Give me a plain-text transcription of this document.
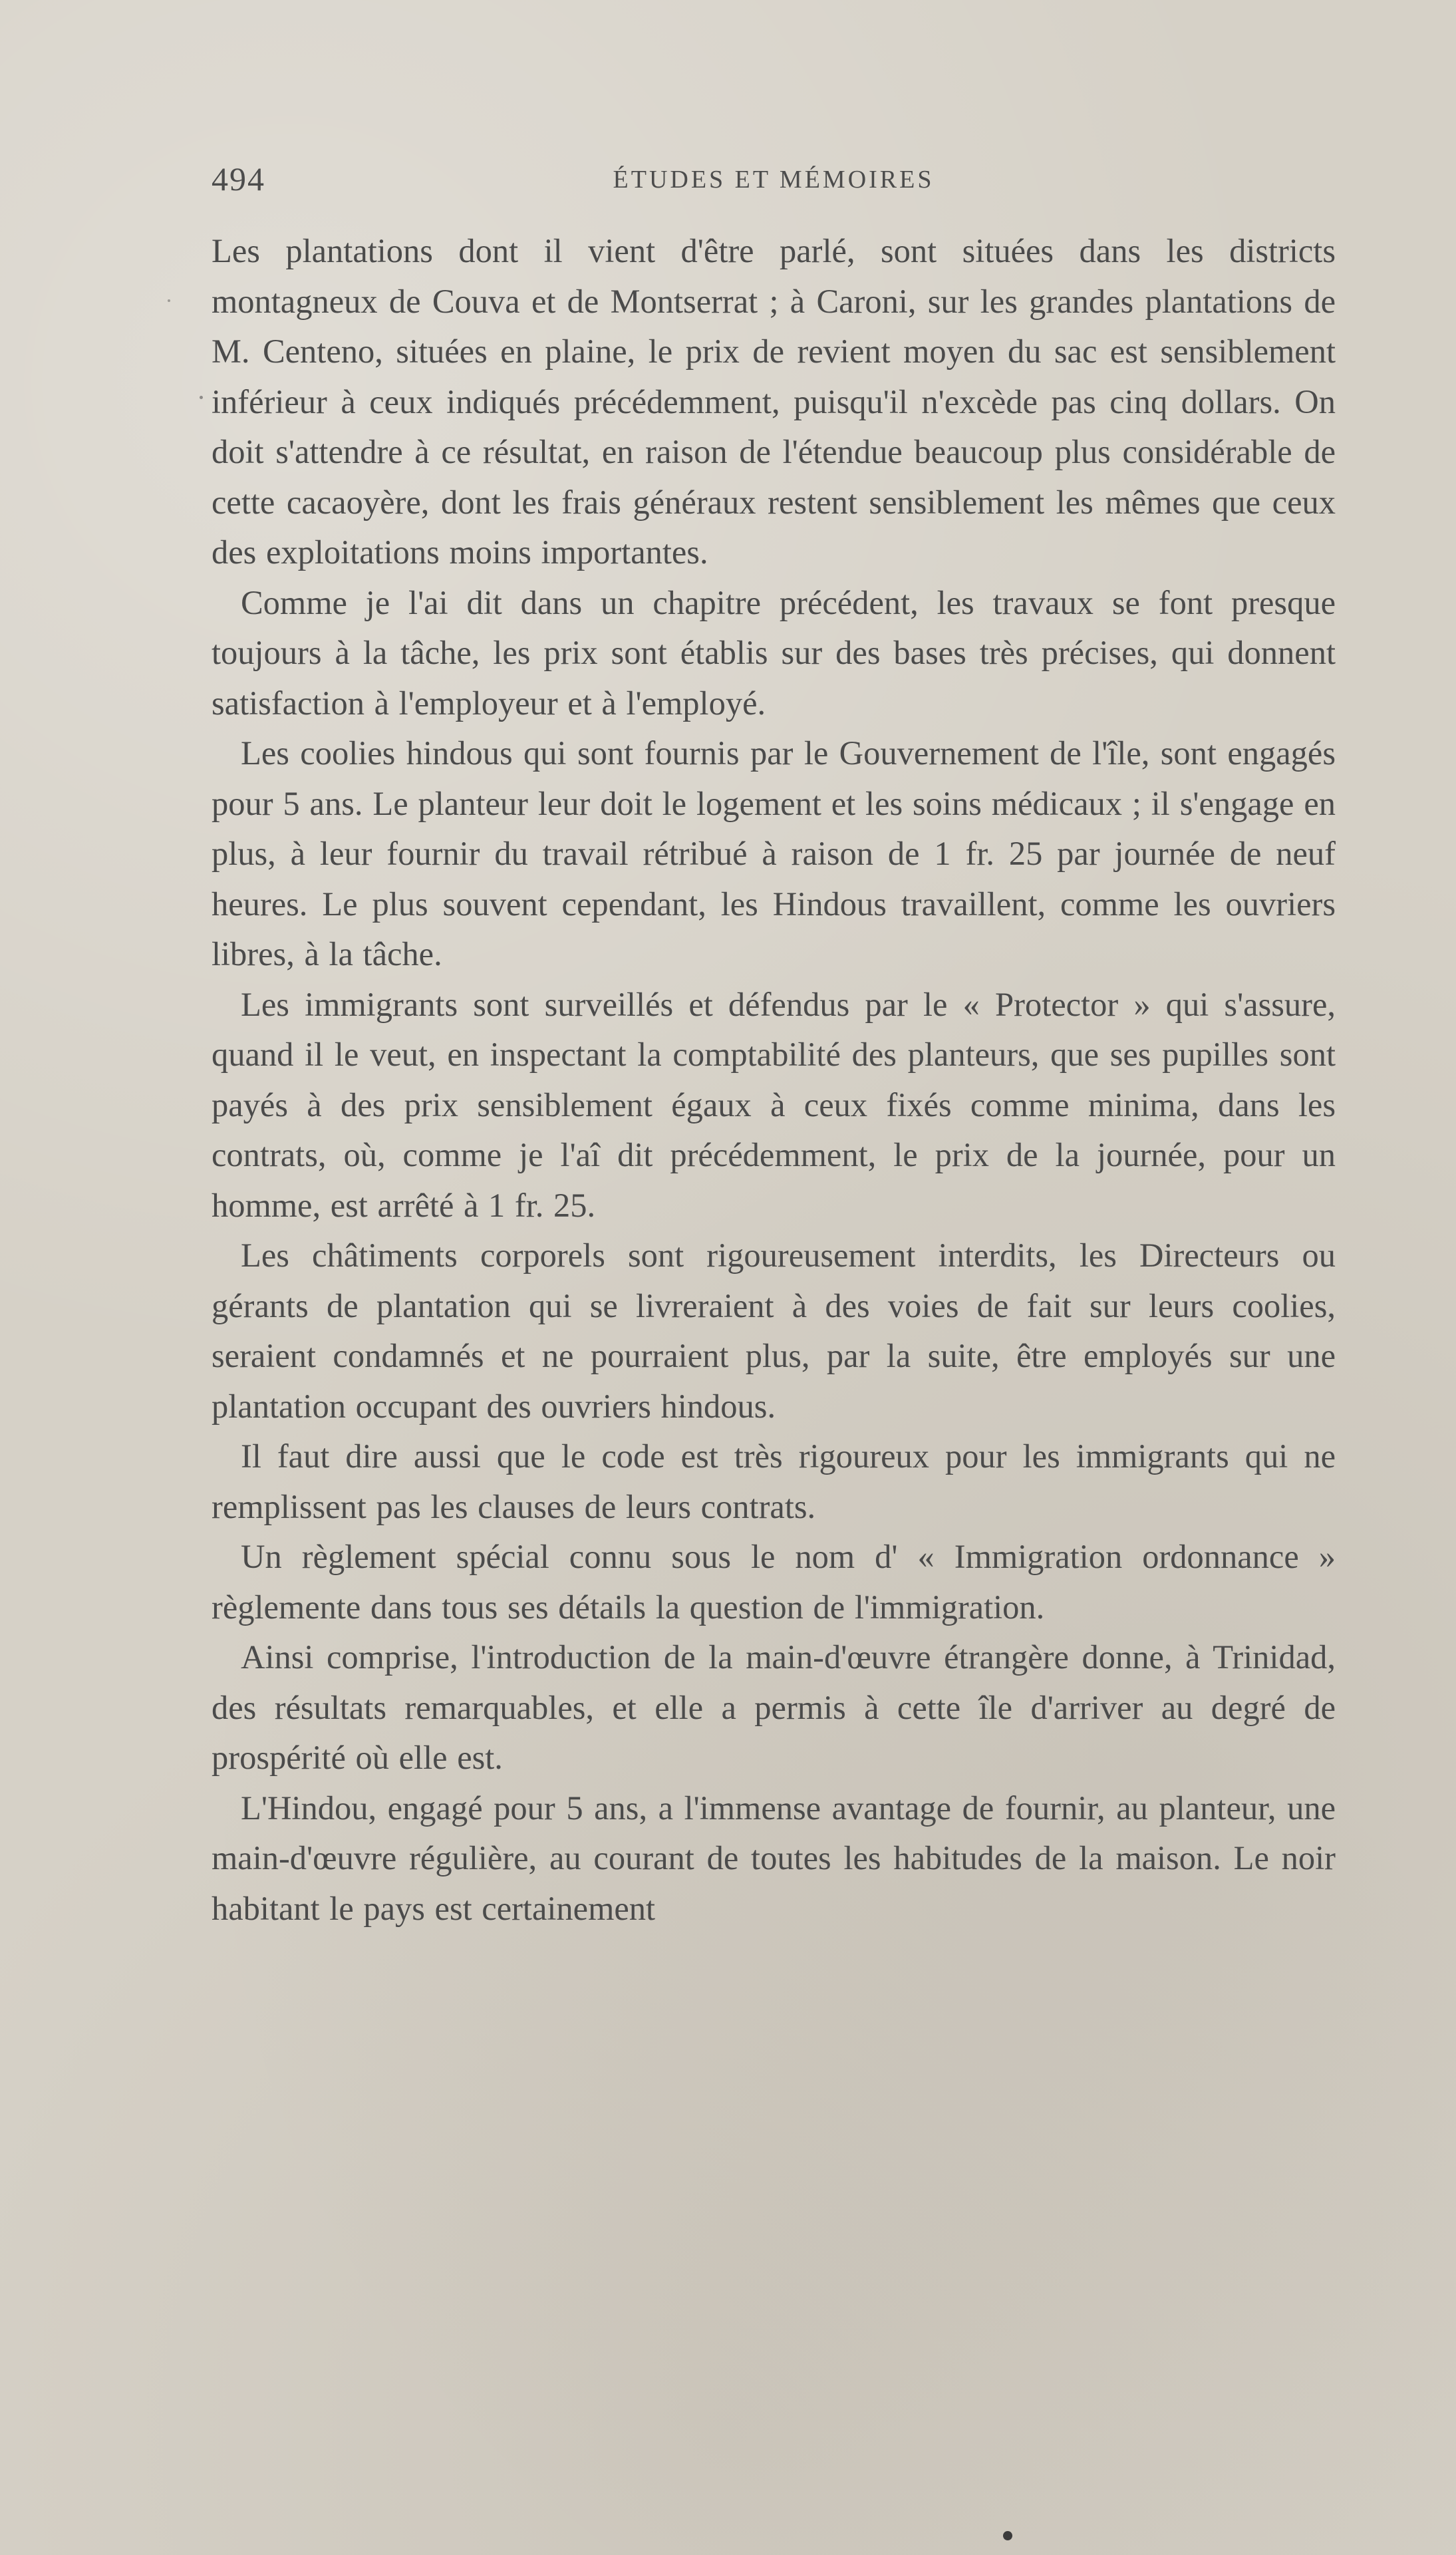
494	ÉTUDES ET MÉMOIRES

Les plantations dont il vient d'être parlé, sont situées dans les districts montagneux de Couva et de Montserrat ; à Caroni, sur les grandes plantations de M. Centeno, situées en plaine, le prix de revient moyen du sac est sensiblement inférieur à ceux indiqués précédemment, puisqu'il n'excède pas cinq dollars. On doit s'attendre à ce résultat, en raison de l'étendue beaucoup plus considérable de cette cacaoyère, dont les frais généraux restent sensiblement les mêmes que ceux des exploitations moins importantes.

Comme je l'ai dit dans un chapitre précédent, les travaux se font presque toujours à la tâche, les prix sont établis sur des bases très précises, qui donnent satisfaction à l'employeur et à l'employé.

Les coolies hindous qui sont fournis par le Gouvernement de l'île, sont engagés pour 5 ans. Le planteur leur doit le logement et les soins médicaux ; il s'engage en plus, à leur fournir du travail rétribué à raison de 1 fr. 25 par journée de neuf heures. Le plus souvent cependant, les Hindous travaillent, comme les ouvriers libres, à la tâche.

Les immigrants sont surveillés et défendus par le « Protector » qui s'assure, quand il le veut, en inspectant la comptabilité des planteurs, que ses pupilles sont payés à des prix sensiblement égaux à ceux fixés comme minima, dans les contrats, où, comme je l'aî dit précédemment, le prix de la journée, pour un homme, est arrêté à 1 fr. 25.

Les châtiments corporels sont rigoureusement interdits, les Directeurs ou gérants de plantation qui se livreraient à des voies de fait sur leurs coolies, seraient condamnés et ne pourraient plus, par la suite, être employés sur une plantation occupant des ouvriers hindous.

Il faut dire aussi que le code est très rigoureux pour les immigrants qui ne remplissent pas les clauses de leurs contrats.

Un règlement spécial connu sous le nom d' « Immigration ordonnance » règlemente dans tous ses détails la question de l'immigration.

Ainsi comprise, l'introduction de la main-d'œuvre étrangère donne, à Trinidad, des résultats remarquables, et elle a permis à cette île d'arriver au degré de prospérité où elle est.

L'Hindou, engagé pour 5 ans, a l'immense avantage de fournir, au planteur, une main-d'œuvre régulière, au courant de toutes les habitudes de la maison. Le noir habitant le pays est certainement
